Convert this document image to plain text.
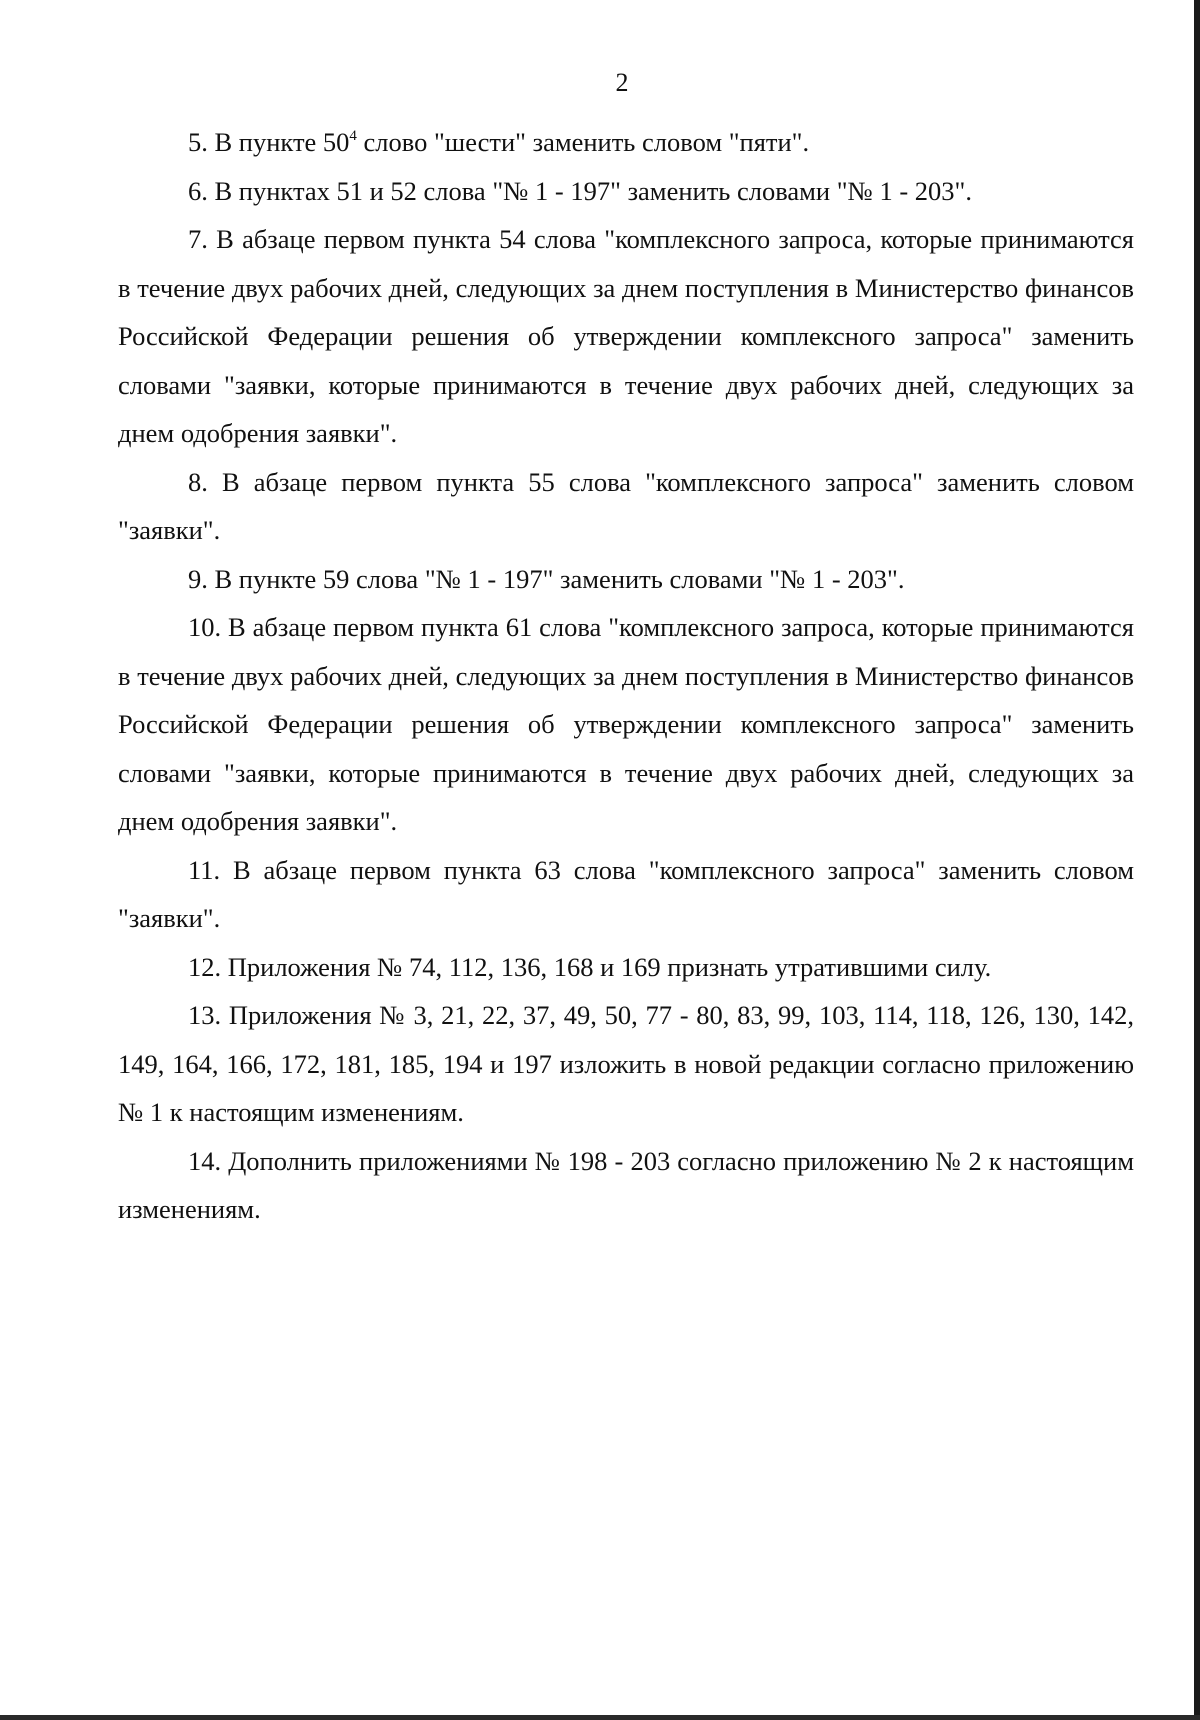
2

5. В пункте $50^4$ слово "шести" заменить словом "пяти".

6. В пунктах 51 и 52 слова "№ 1 - 197" заменить словами "№ 1 - 203".

7. В абзаце первом пункта 54 слова "комплексного запроса, которые принимаются в течение двух рабочих дней, следующих за днем поступления в Министерство финансов Российской Федерации решения об утверждении комплексного запроса" заменить словами "заявки, которые принимаются в течение двух рабочих дней, следующих за днем одобрения заявки".

8. В абзаце первом пункта 55 слова "комплексного запроса" заменить словом "заявки".

9. В пункте 59 слова "№ 1 - 197" заменить словами "№ 1 - 203".

10. В абзаце первом пункта 61 слова "комплексного запроса, которые принимаются в течение двух рабочих дней, следующих за днем поступления в Министерство финансов Российской Федерации решения об утверждении комплексного запроса" заменить словами "заявки, которые принимаются в течение двух рабочих дней, следующих за днем одобрения заявки".

11. В абзаце первом пункта 63 слова "комплексного запроса" заменить словом "заявки".

12. Приложения № 74, 112, 136, 168 и 169 признать утратившими силу.

13. Приложения № 3, 21, 22, 37, 49, 50, 77 - 80, 83, 99, 103, 114, 118, 126, 130, 142, 149, 164, 166, 172, 181, 185, 194 и 197 изложить в новой редакции согласно приложению № 1 к настоящим изменениям.

14. Дополнить приложениями № 198 - 203 согласно приложению № 2 к настоящим изменениям.
